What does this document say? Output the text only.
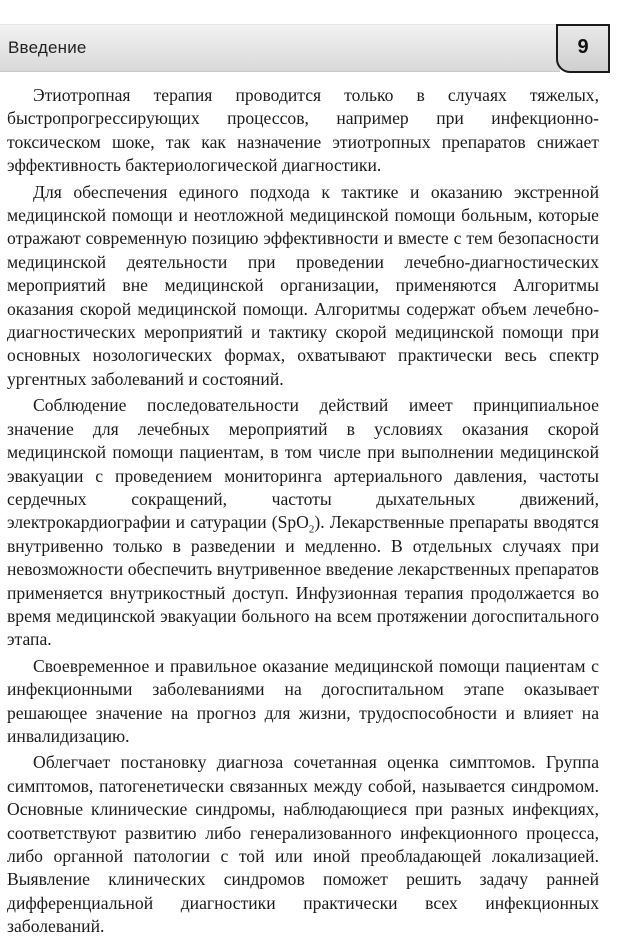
Введение	9

Этиотропная терапия проводится только в случаях тяжелых, быстропрогрессирующих процессов, например при инфекционно-токсическом шоке, так как назначение этиотропных препаратов снижает эффективность бактериологической диагностики.

Для обеспечения единого подхода к тактике и оказанию экстренной медицинской помощи и неотложной медицинской помощи больным, которые отражают современную позицию эффективности и вместе с тем безопасности медицинской деятельности при проведении лечебно-диагностических мероприятий вне медицинской организации, применяются Алгоритмы оказания скорой медицинской помощи. Алгоритмы содержат объем лечебно-диагностических мероприятий и тактику скорой медицинской помощи при основных нозологических формах, охватывают практически весь спектр ургентных заболеваний и состояний.

Соблюдение последовательности действий имеет принципиальное значение для лечебных мероприятий в условиях оказания скорой медицинской помощи пациентам, в том числе при выполнении медицинской эвакуации с проведением мониторинга артериального давления, частоты сердечных сокращений, частоты дыхательных движений, электрокардиографии и сатурации (SpO$_2$). Лекарственные препараты вводятся внутривенно только в разведении и медленно. В отдельных случаях при невозможности обеспечить внутривенное введение лекарственных препаратов применяется внутрикостный доступ. Инфузионная терапия продолжается во время медицинской эвакуации больного на всем протяжении догоспитального этапа.

Своевременное и правильное оказание медицинской помощи пациентам с инфекционными заболеваниями на догоспитальном этапе оказывает решающее значение на прогноз для жизни, трудоспособности и влияет на инвалидизацию.

Облегчает постановку диагноза сочетанная оценка симптомов. Группа симптомов, патогенетически связанных между собой, называется синдромом. Основные клинические синдромы, наблюдающиеся при разных инфекциях, соответствуют развитию либо генерализованного инфекционного процесса, либо органной патологии с той или иной преобладающей локализацией. Выявление клинических синдромов поможет решить задачу ранней дифференциальной диагностики практически всех инфекционных заболеваний.
